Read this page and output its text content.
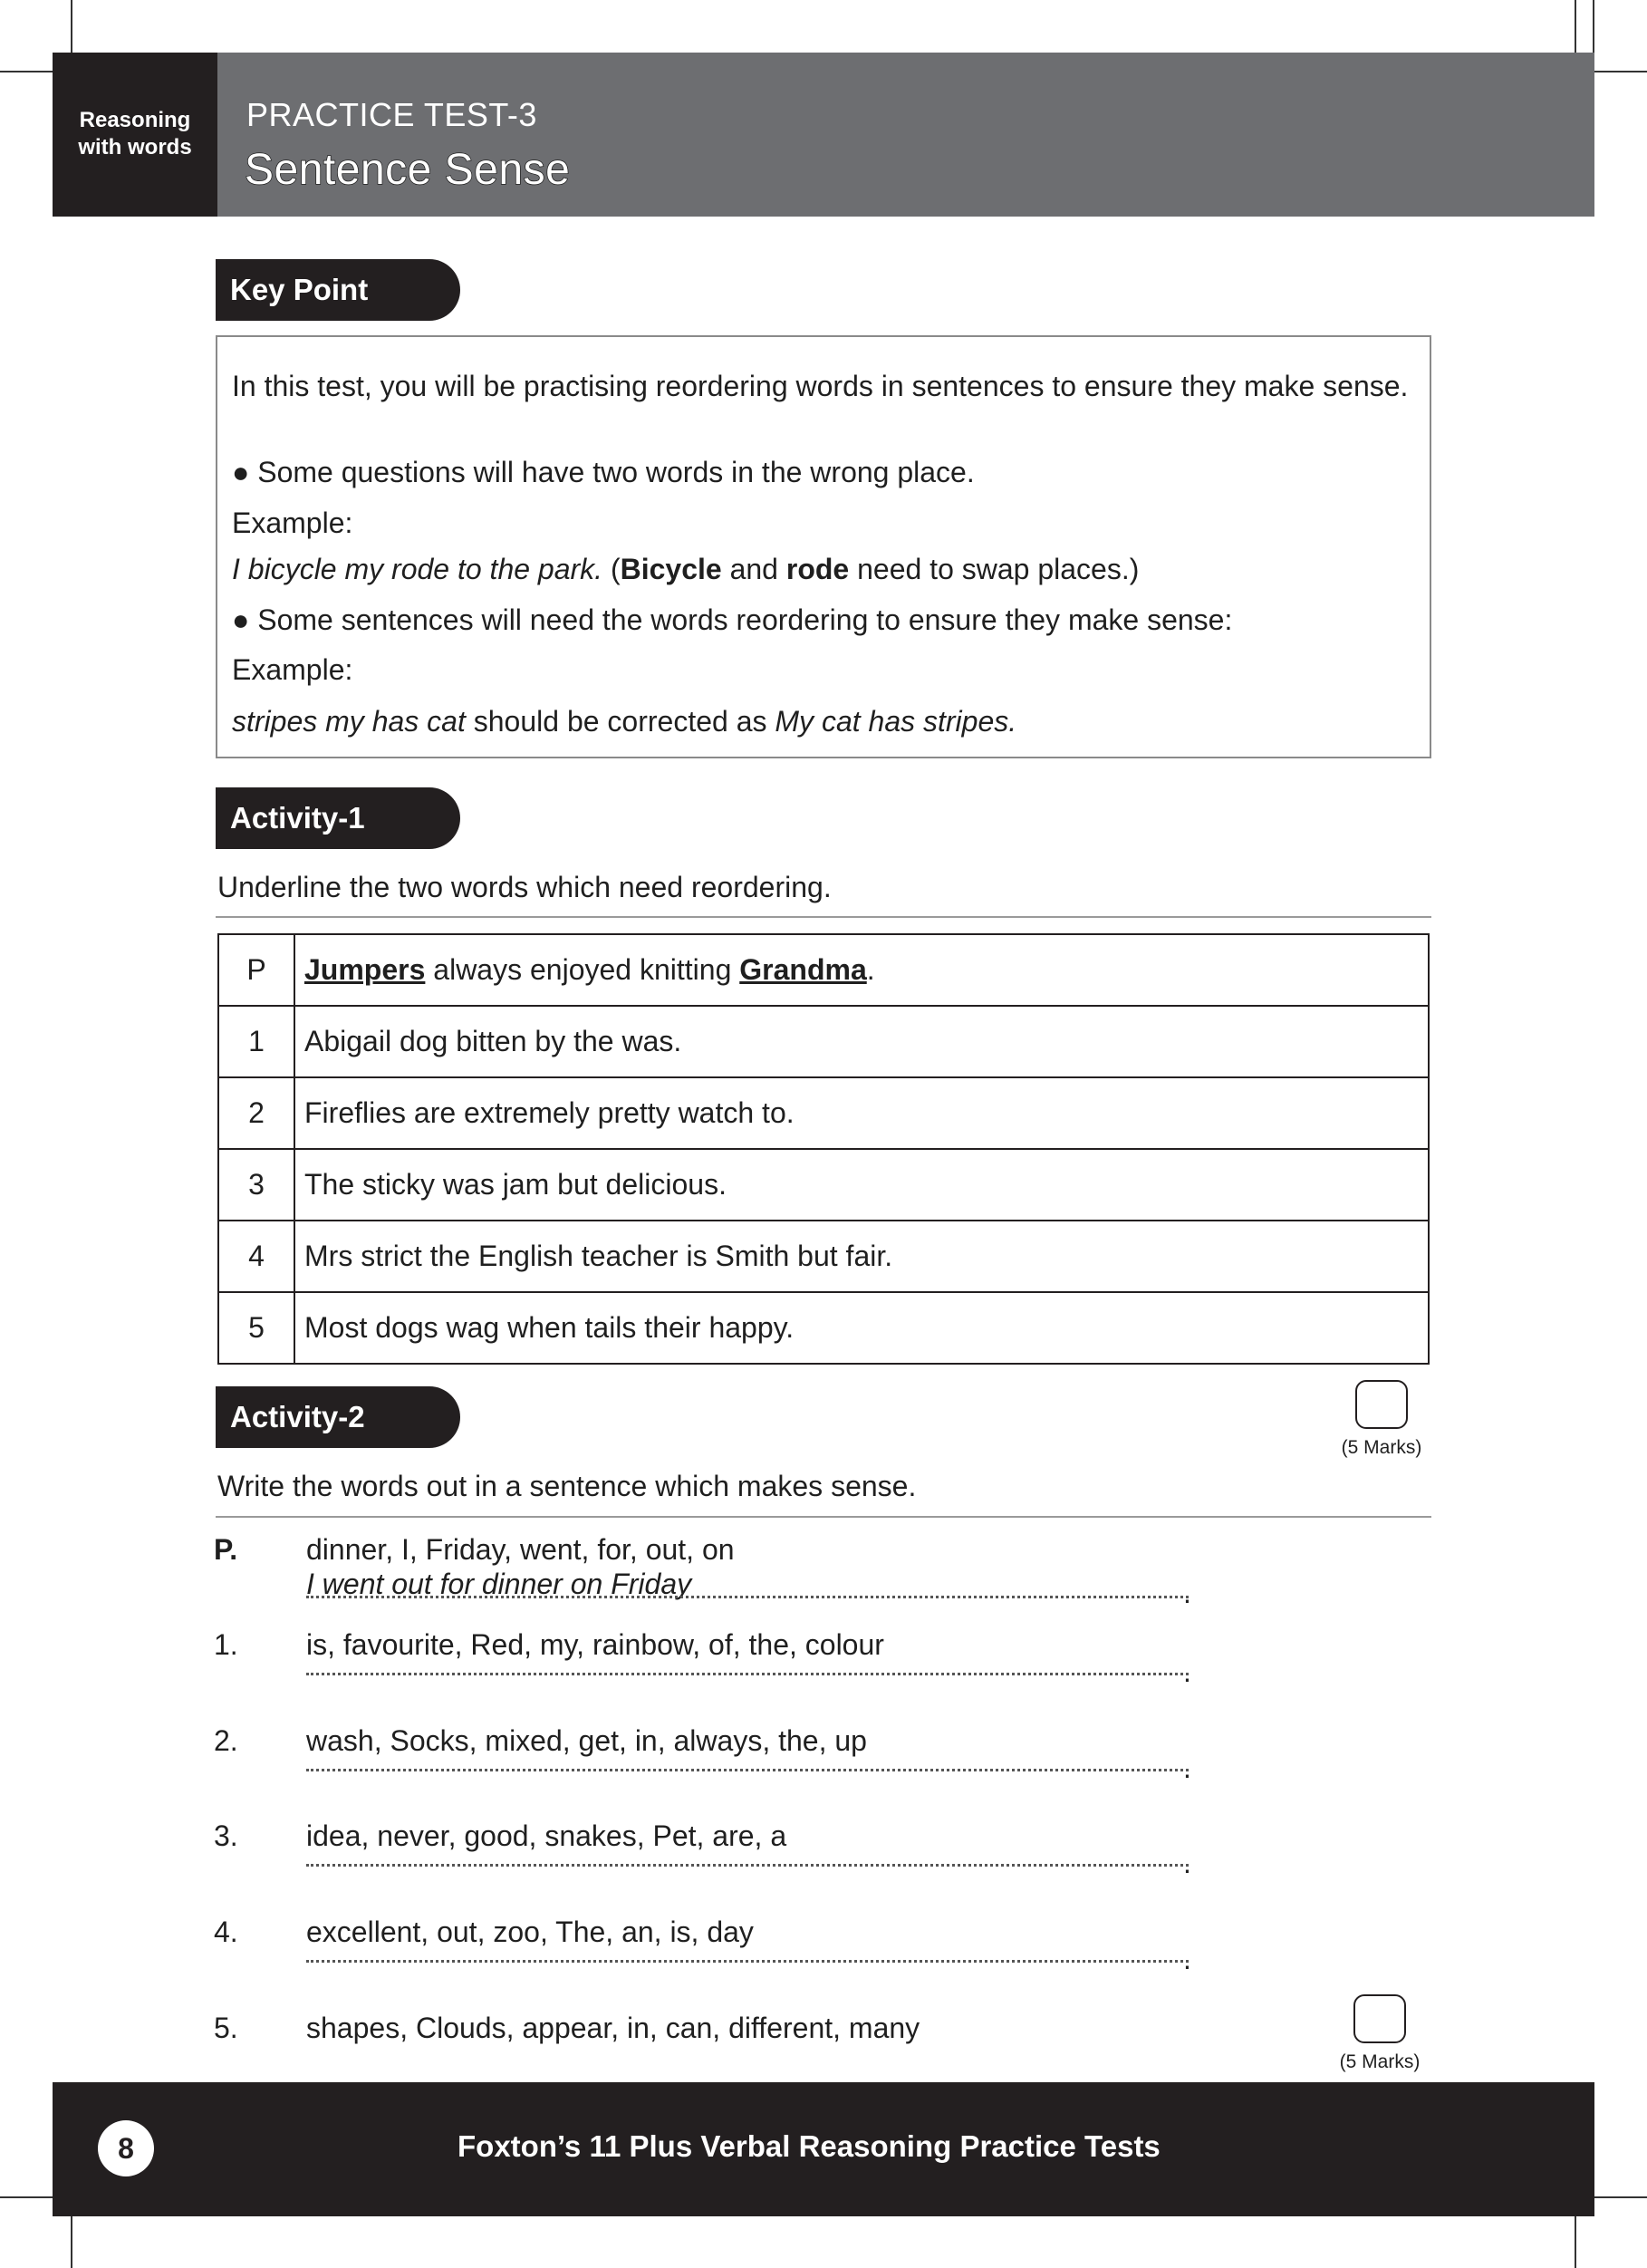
Reasoning
with words
PRACTICE TEST-3
Sentence Sense
Key Point

In this test, you will be practising reordering words in sentences to ensure they make sense.

● Some questions will have two words in the wrong place.

Example:

I bicycle my rode to the park. (Bicycle and rode need to swap places.)

● Some sentences will need the words reordering to ensure they make sense:

Example:

stripes my has cat should be corrected as My cat has stripes.

Activity-1
Underline the two words which need reordering.
P	Jumpers always enjoyed knitting Grandma.
1	Abigail dog bitten by the was.
2	Fireflies are extremely pretty watch to.
3	The sticky was jam but delicious.
4	Mrs strict the English teacher is Smith but fair.
5	Most dogs wag when tails their happy.
Activity-2
(5 Marks)
Write the words out in a sentence which makes sense.
P. dinner, I, Friday, went, for, out, on
I went out for dinner on Friday	.
1. is, favourite, Red, my, rainbow, of, the, colour
.
2. wash, Socks, mixed, get, in, always, the, up
.
3. idea, never, good, snakes, Pet, are, a
.
4. excellent, out, zoo, The, an, is, day
.
5. shapes, Clouds, appear, in, can, different, many
(5 Marks)
8	Foxton’s 11 Plus Verbal Reasoning Practice Tests
